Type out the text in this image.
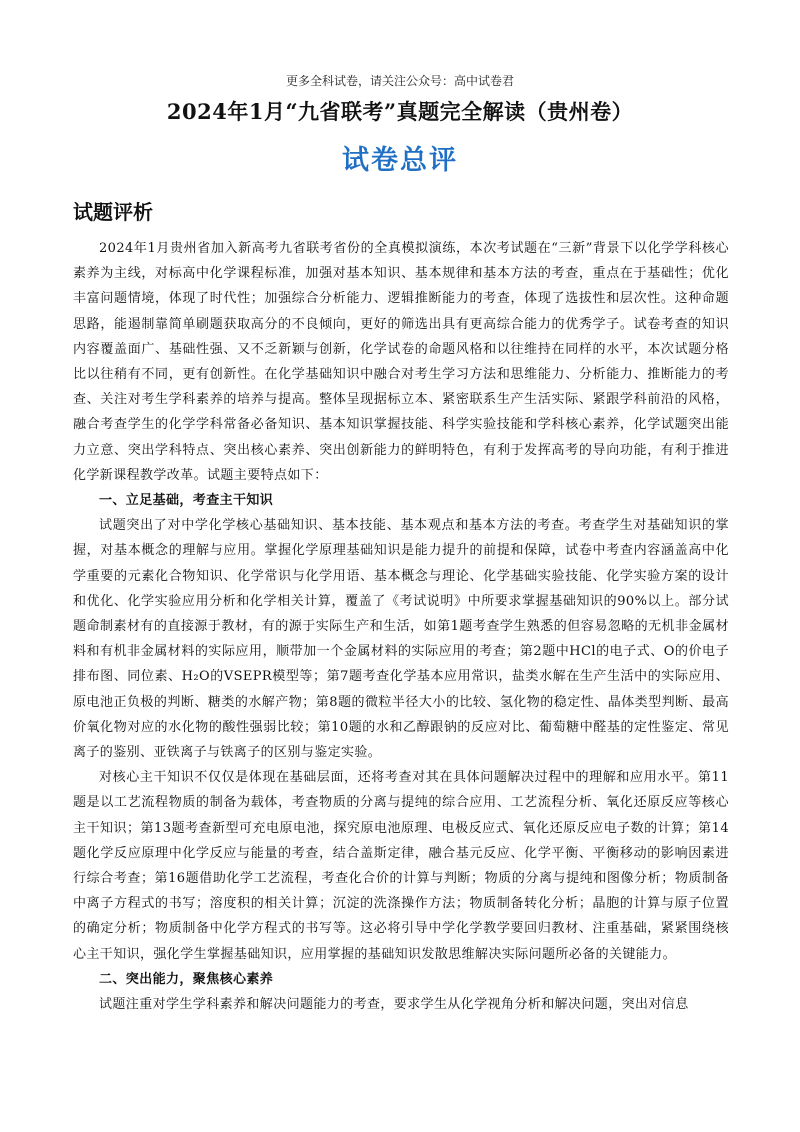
更多全科试卷，请关注公众号：高中试卷君
2024年1月“九省联考”真题完全解读（贵州卷）
试卷总评
试题评析

2024年1月贵州省加入新高考九省联考省份的全真模拟演练，本次考试题在“三新”背景下以化学学科核心素养为主线，对标高中化学课程标准，加强对基本知识、基本规律和基本方法的考查，重点在于基础性；优化丰富问题情境，体现了时代性；加强综合分析能力、逻辑推断能力的考查，体现了选拔性和层次性。这种命题思路，能遏制靠简单刷题获取高分的不良倾向，更好的筛选出具有更高综合能力的优秀学子。试卷考查的知识内容覆盖面广、基础性强、又不乏新颖与创新，化学试卷的命题风格和以往维持在同样的水平，本次试题分格比以往稍有不同，更有创新性。在化学基础知识中融合对考生学习方法和思维能力、分析能力、推断能力的考查、关注对考生学科素养的培养与提高。整体呈现据标立本、紧密联系生产生活实际、紧跟学科前沿的风格，融合考查学生的化学学科常备必备知识、基本知识掌握技能、科学实验技能和学科核心素养，化学试题突出能力立意、突出学科特点、突出核心素养、突出创新能力的鲜明特色，有利于发挥高考的导向功能，有利于推进化学新课程教学改革。试题主要特点如下：

一、立足基础，考查主干知识

试题突出了对中学化学核心基础知识、基本技能、基本观点和基本方法的考查。考查学生对基础知识的掌握，对基本概念的理解与应用。掌握化学原理基础知识是能力提升的前提和保障，试卷中考查内容涵盖高中化学重要的元素化合物知识、化学常识与化学用语、基本概念与理论、化学基础实验技能、化学实验方案的设计和优化、化学实验应用分析和化学相关计算，覆盖了《考试说明》中所要求掌握基础知识的90%以上。部分试题命制素材有的直接源于教材，有的源于实际生产和生活，如第1题考查学生熟悉的但容易忽略的无机非金属材料和有机非金属材料的实际应用，顺带加一个金属材料的实际应用的考查；第2题中HCl的电子式、O的价电子排布图、同位素、H₂O的VSEPR模型等；第7题考查化学基本应用常识，盐类水解在生产生活中的实际应用、原电池正负极的判断、糖类的水解产物；第8题的微粒半径大小的比较、氢化物的稳定性、晶体类型判断、最高价氧化物对应的水化物的酸性强弱比较；第10题的水和乙醇跟钠的反应对比、葡萄糖中醛基的定性鉴定、常见离子的鉴别、亚铁离子与铁离子的区别与鉴定实验。

对核心主干知识不仅仅是体现在基础层面，还将考查对其在具体问题解决过程中的理解和应用水平。第11题是以工艺流程物质的制备为载体，考查物质的分离与提纯的综合应用、工艺流程分析、氧化还原反应等核心主干知识；第13题考查新型可充电原电池，探究原电池原理、电极反应式、氧化还原反应电子数的计算；第14题化学反应原理中化学反应与能量的考查，结合盖斯定律，融合基元反应、化学平衡、平衡移动的影响因素进行综合考查；第16题借助化学工艺流程，考查化合价的计算与判断；物质的分离与提纯和图像分析；物质制备中离子方程式的书写；溶度积的相关计算；沉淀的洗涤操作方法；物质制备转化分析；晶胞的计算与原子位置的确定分析；物质制备中化学方程式的书写等。这必将引导中学化学教学要回归教材、注重基础，紧紧围绕核心主干知识，强化学生掌握基础知识，应用掌握的基础知识发散思维解决实际问题所必备的关键能力。

二、突出能力，聚焦核心素养

试题注重对学生学科素养和解决问题能力的考查，要求学生从化学视角分析和解决问题，突出对信息
